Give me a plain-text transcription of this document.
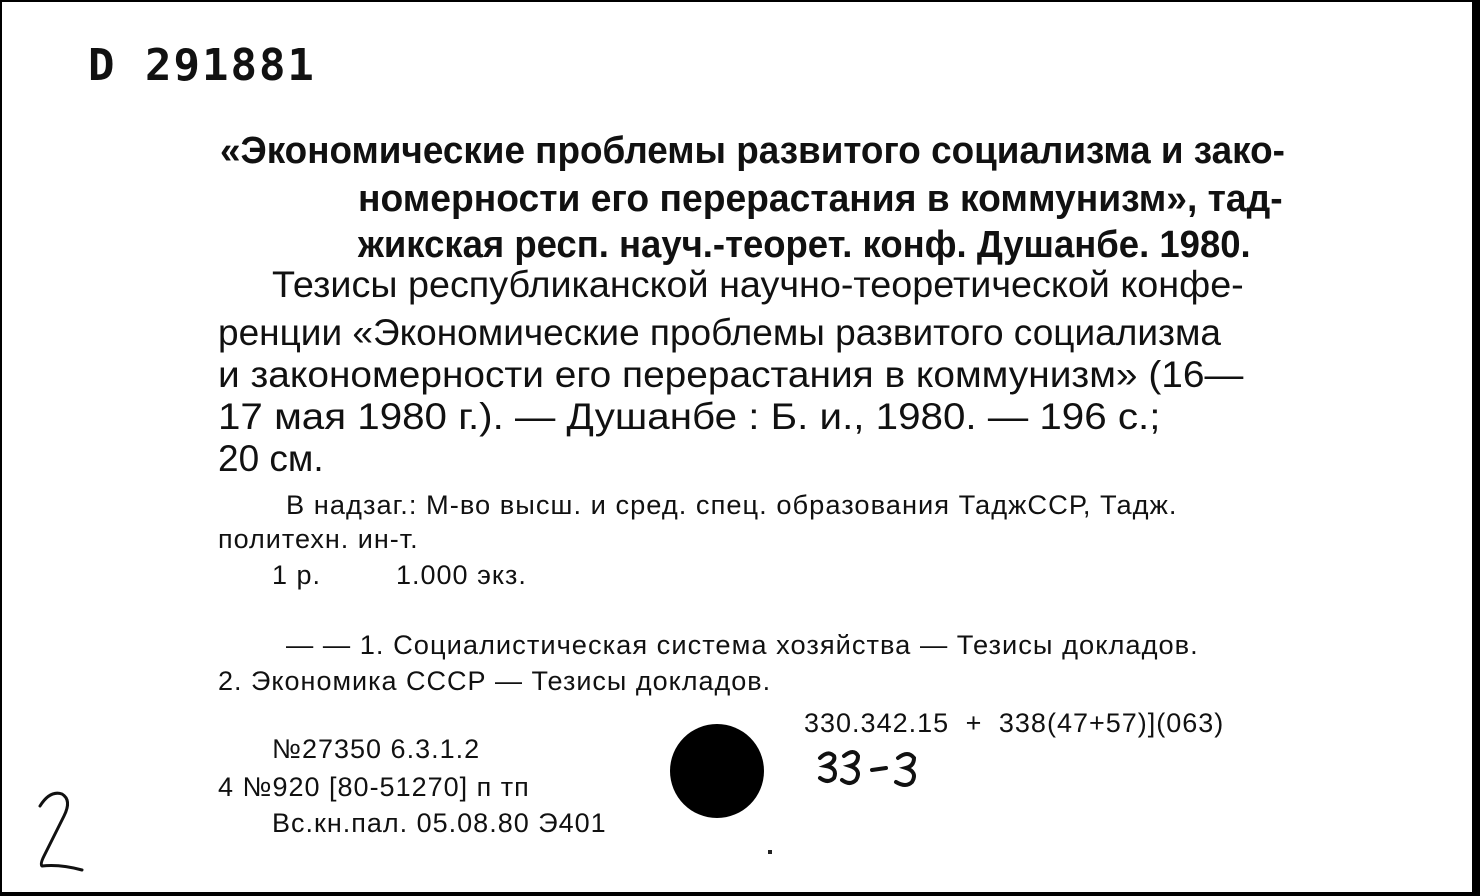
D 291881
«Экономические проблемы развитого социализма и зако-
номерности его перерастания в коммунизм», тад-
жикская респ. науч.-теорет. конф. Душанбе. 1980.
Тезисы республиканской научно-теоретической конфе-
ренции «Экономические проблемы развитого социализма
и закономерности его перерастания в коммунизм» (16—
17 мая 1980 г.). — Душанбе : Б. и., 1980. — 196 с.;
20 см.
В надзаг.: М-во высш. и сред. спец. образования ТаджССР, Тадж.
политехн. ин-т.
1 р.	1.000 экз.
— — 1. Социалистическая система хозяйства — Тезисы докладов.
2. Экономика СССР — Тезисы докладов.
330.342.15 + 338(47+57)](063)
№27350 6.3.1.2
4 №920 [80-51270] п тп
Вс.кн.пал. 05.08.80 Э401
